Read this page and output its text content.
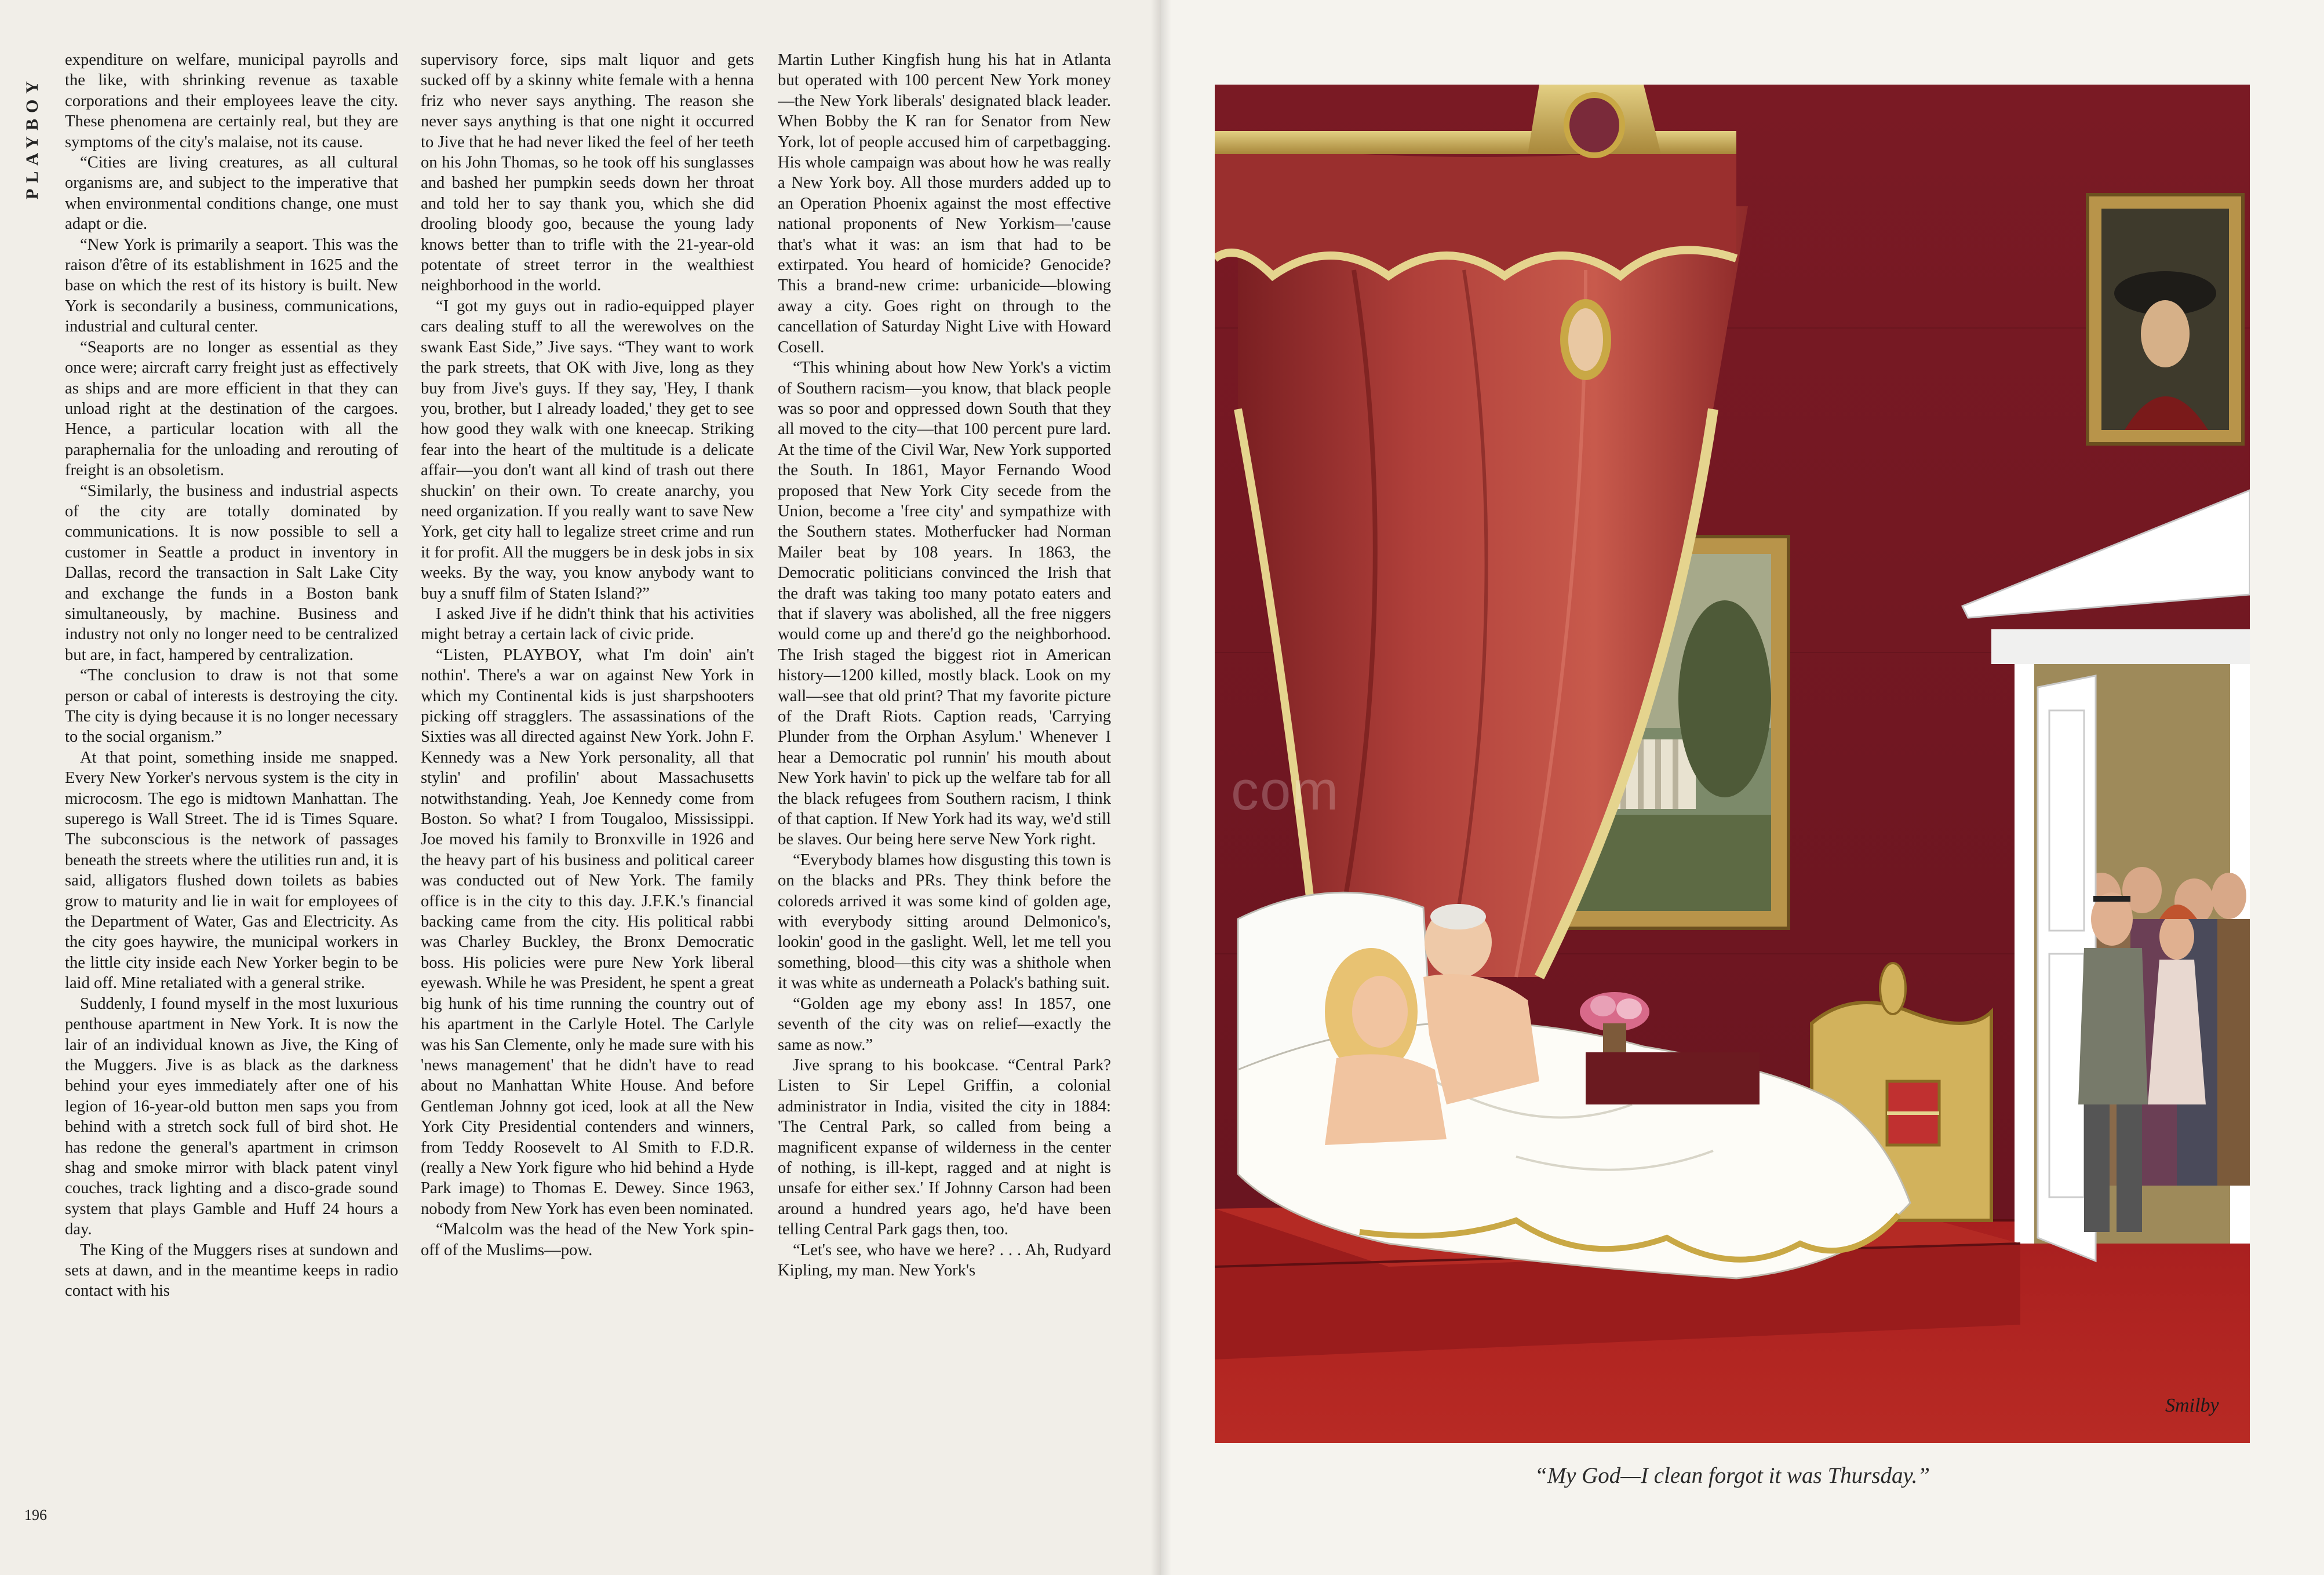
PLAYBOY

expenditure on welfare, municipal payrolls and the like, with shrinking revenue as taxable corporations and their employees leave the city. These phenomena are certainly real, but they are symptoms of the city's malaise, not its cause.

“Cities are living creatures, as all cultural organisms are, and subject to the imperative that when environmental conditions change, one must adapt or die.

“New York is primarily a seaport. This was the raison d'être of its establishment in 1625 and the base on which the rest of its history is built. New York is secondarily a business, communications, industrial and cultural center.

“Seaports are no longer as essential as they once were; aircraft carry freight just as effectively as ships and are more efficient in that they can unload right at the destination of the cargoes. Hence, a particular location with all the paraphernalia for the unloading and rerouting of freight is an obsoletism.

“Similarly, the business and industrial aspects of the city are totally dominated by communications. It is now possible to sell a customer in Seattle a product in inventory in Dallas, record the transaction in Salt Lake City and exchange the funds in a Boston bank simultaneously, by machine. Business and industry not only no longer need to be centralized but are, in fact, hampered by centralization.

“The conclusion to draw is not that some person or cabal of interests is destroying the city. The city is dying because it is no longer necessary to the social organism.”

At that point, something inside me snapped. Every New Yorker's nervous system is the city in microcosm. The ego is midtown Manhattan. The superego is Wall Street. The id is Times Square. The subconscious is the network of passages beneath the streets where the utilities run and, it is said, alligators flushed down toilets as babies grow to maturity and lie in wait for employees of the Department of Water, Gas and Electricity. As the city goes haywire, the municipal workers in the little city inside each New Yorker begin to be laid off. Mine retaliated with a general strike.

Suddenly, I found myself in the most luxurious penthouse apartment in New York. It is now the lair of an individual known as Jive, the King of the Muggers. Jive is as black as the darkness behind your eyes immediately after one of his legion of 16-year-old button men saps you from behind with a stretch sock full of bird shot. He has redone the general's apartment in crimson shag and smoke mirror with black patent vinyl couches, track lighting and a disco-grade sound system that plays Gamble and Huff 24 hours a day.

The King of the Muggers rises at sundown and sets at dawn, and in the meantime keeps in radio contact with his

supervisory force, sips malt liquor and gets sucked off by a skinny white female with a henna friz who never says anything. The reason she never says anything is that one night it occurred to Jive that he had never liked the feel of her teeth on his John Thomas, so he took off his sunglasses and bashed her pumpkin seeds down her throat and told her to say thank you, which she did drooling bloody goo, because the young lady knows better than to trifle with the 21-year-old potentate of street terror in the wealthiest neighborhood in the world.

“I got my guys out in radio-equipped player cars dealing stuff to all the werewolves on the swank East Side,” Jive says. “They want to work the park streets, that OK with Jive, long as they buy from Jive's guys. If they say, 'Hey, I thank you, brother, but I already loaded,' they get to see how good they walk with one kneecap. Striking fear into the heart of the multitude is a delicate affair—you don't want all kind of trash out there shuckin' on their own. To create anarchy, you need organization. If you really want to save New York, get city hall to legalize street crime and run it for profit. All the muggers be in desk jobs in six weeks. By the way, you know anybody want to buy a snuff film of Staten Island?”

I asked Jive if he didn't think that his activities might betray a certain lack of civic pride.

“Listen, PLAYBOY, what I'm doin' ain't nothin'. There's a war on against New York in which my Continental kids is just sharpshooters picking off stragglers. The assassinations of the Sixties was all directed against New York. John F. Kennedy was a New York personality, all that stylin' and profilin' about Massachusetts notwithstanding. Yeah, Joe Kennedy come from Boston. So what? I from Tougaloo, Mississippi. Joe moved his family to Bronxville in 1926 and the heavy part of his business and political career was conducted out of New York. The family office is in the city to this day. J.F.K.'s financial backing came from the city. His political rabbi was Charley Buckley, the Bronx Democratic boss. His policies were pure New York liberal eyewash. While he was President, he spent a great big hunk of his time running the country out of his apartment in the Carlyle Hotel. The Carlyle was his San Clemente, only he made sure with his 'news management' that he didn't have to read about no Manhattan White House. And before Gentleman Johnny got iced, look at all the New York City Presidential contenders and winners, from Teddy Roosevelt to Al Smith to F.D.R. (really a New York figure who hid behind a Hyde Park image) to Thomas E. Dewey. Since 1963, nobody from New York has even been nominated.

“Malcolm was the head of the New York spin-off of the Muslims—pow.

Martin Luther Kingfish hung his hat in Atlanta but operated with 100 percent New York money—the New York liberals' designated black leader. When Bobby the K ran for Senator from New York, lot of people accused him of carpetbagging. His whole campaign was about how he was really a New York boy. All those murders added up to an Operation Phoenix against the most effective national proponents of New Yorkism—'cause that's what it was: an ism that had to be extirpated. You heard of homicide? Genocide? This a brand-new crime: urbanicide—blowing away a city. Goes right on through to the cancellation of Saturday Night Live with Howard Cosell.

“This whining about how New York's a victim of Southern racism—you know, that black people was so poor and oppressed down South that they all moved to the city—that 100 percent pure lard. At the time of the Civil War, New York supported the South. In 1861, Mayor Fernando Wood proposed that New York City secede from the Union, become a 'free city' and sympathize with the Southern states. Motherfucker had Norman Mailer beat by 108 years. In 1863, the Democratic politicians convinced the Irish that the draft was taking too many potato eaters and that if slavery was abolished, all the free niggers would come up and there'd go the neighborhood. The Irish staged the biggest riot in American history—1200 killed, mostly black. Look on my wall—see that old print? That my favorite picture of the Draft Riots. Caption reads, 'Carrying Plunder from the Orphan Asylum.' Whenever I hear a Democratic pol runnin' his mouth about New York havin' to pick up the welfare tab for all the black refugees from Southern racism, I think of that caption. If New York had its way, we'd still be slaves. Our being here serve New York right.

“Everybody blames how disgusting this town is on the blacks and PRs. They think before the coloreds arrived it was some kind of golden age, with everybody sitting around Delmonico's, lookin' good in the gaslight. Well, let me tell you something, blood—this city was a shithole when it was white as underneath a Polack's bathing suit.

“Golden age my ebony ass! In 1857, one seventh of the city was on relief—exactly the same as now.”

Jive sprang to his bookcase. “Central Park? Listen to Sir Lepel Griffin, a colonial administrator in India, visited the city in 1884: 'The Central Park, so called from being a magnificent expanse of wilderness in the center of nothing, is ill-kept, ragged and at night is unsafe for either sex.' If Johnny Carson had been around a hundred years ago, he'd have been telling Central Park gags then, too.

“Let's see, who have we here? . . . Ah, Rudyard Kipling, my man. New York's

196
Smilby
com
“My God—I clean forgot it was Thursday.”
